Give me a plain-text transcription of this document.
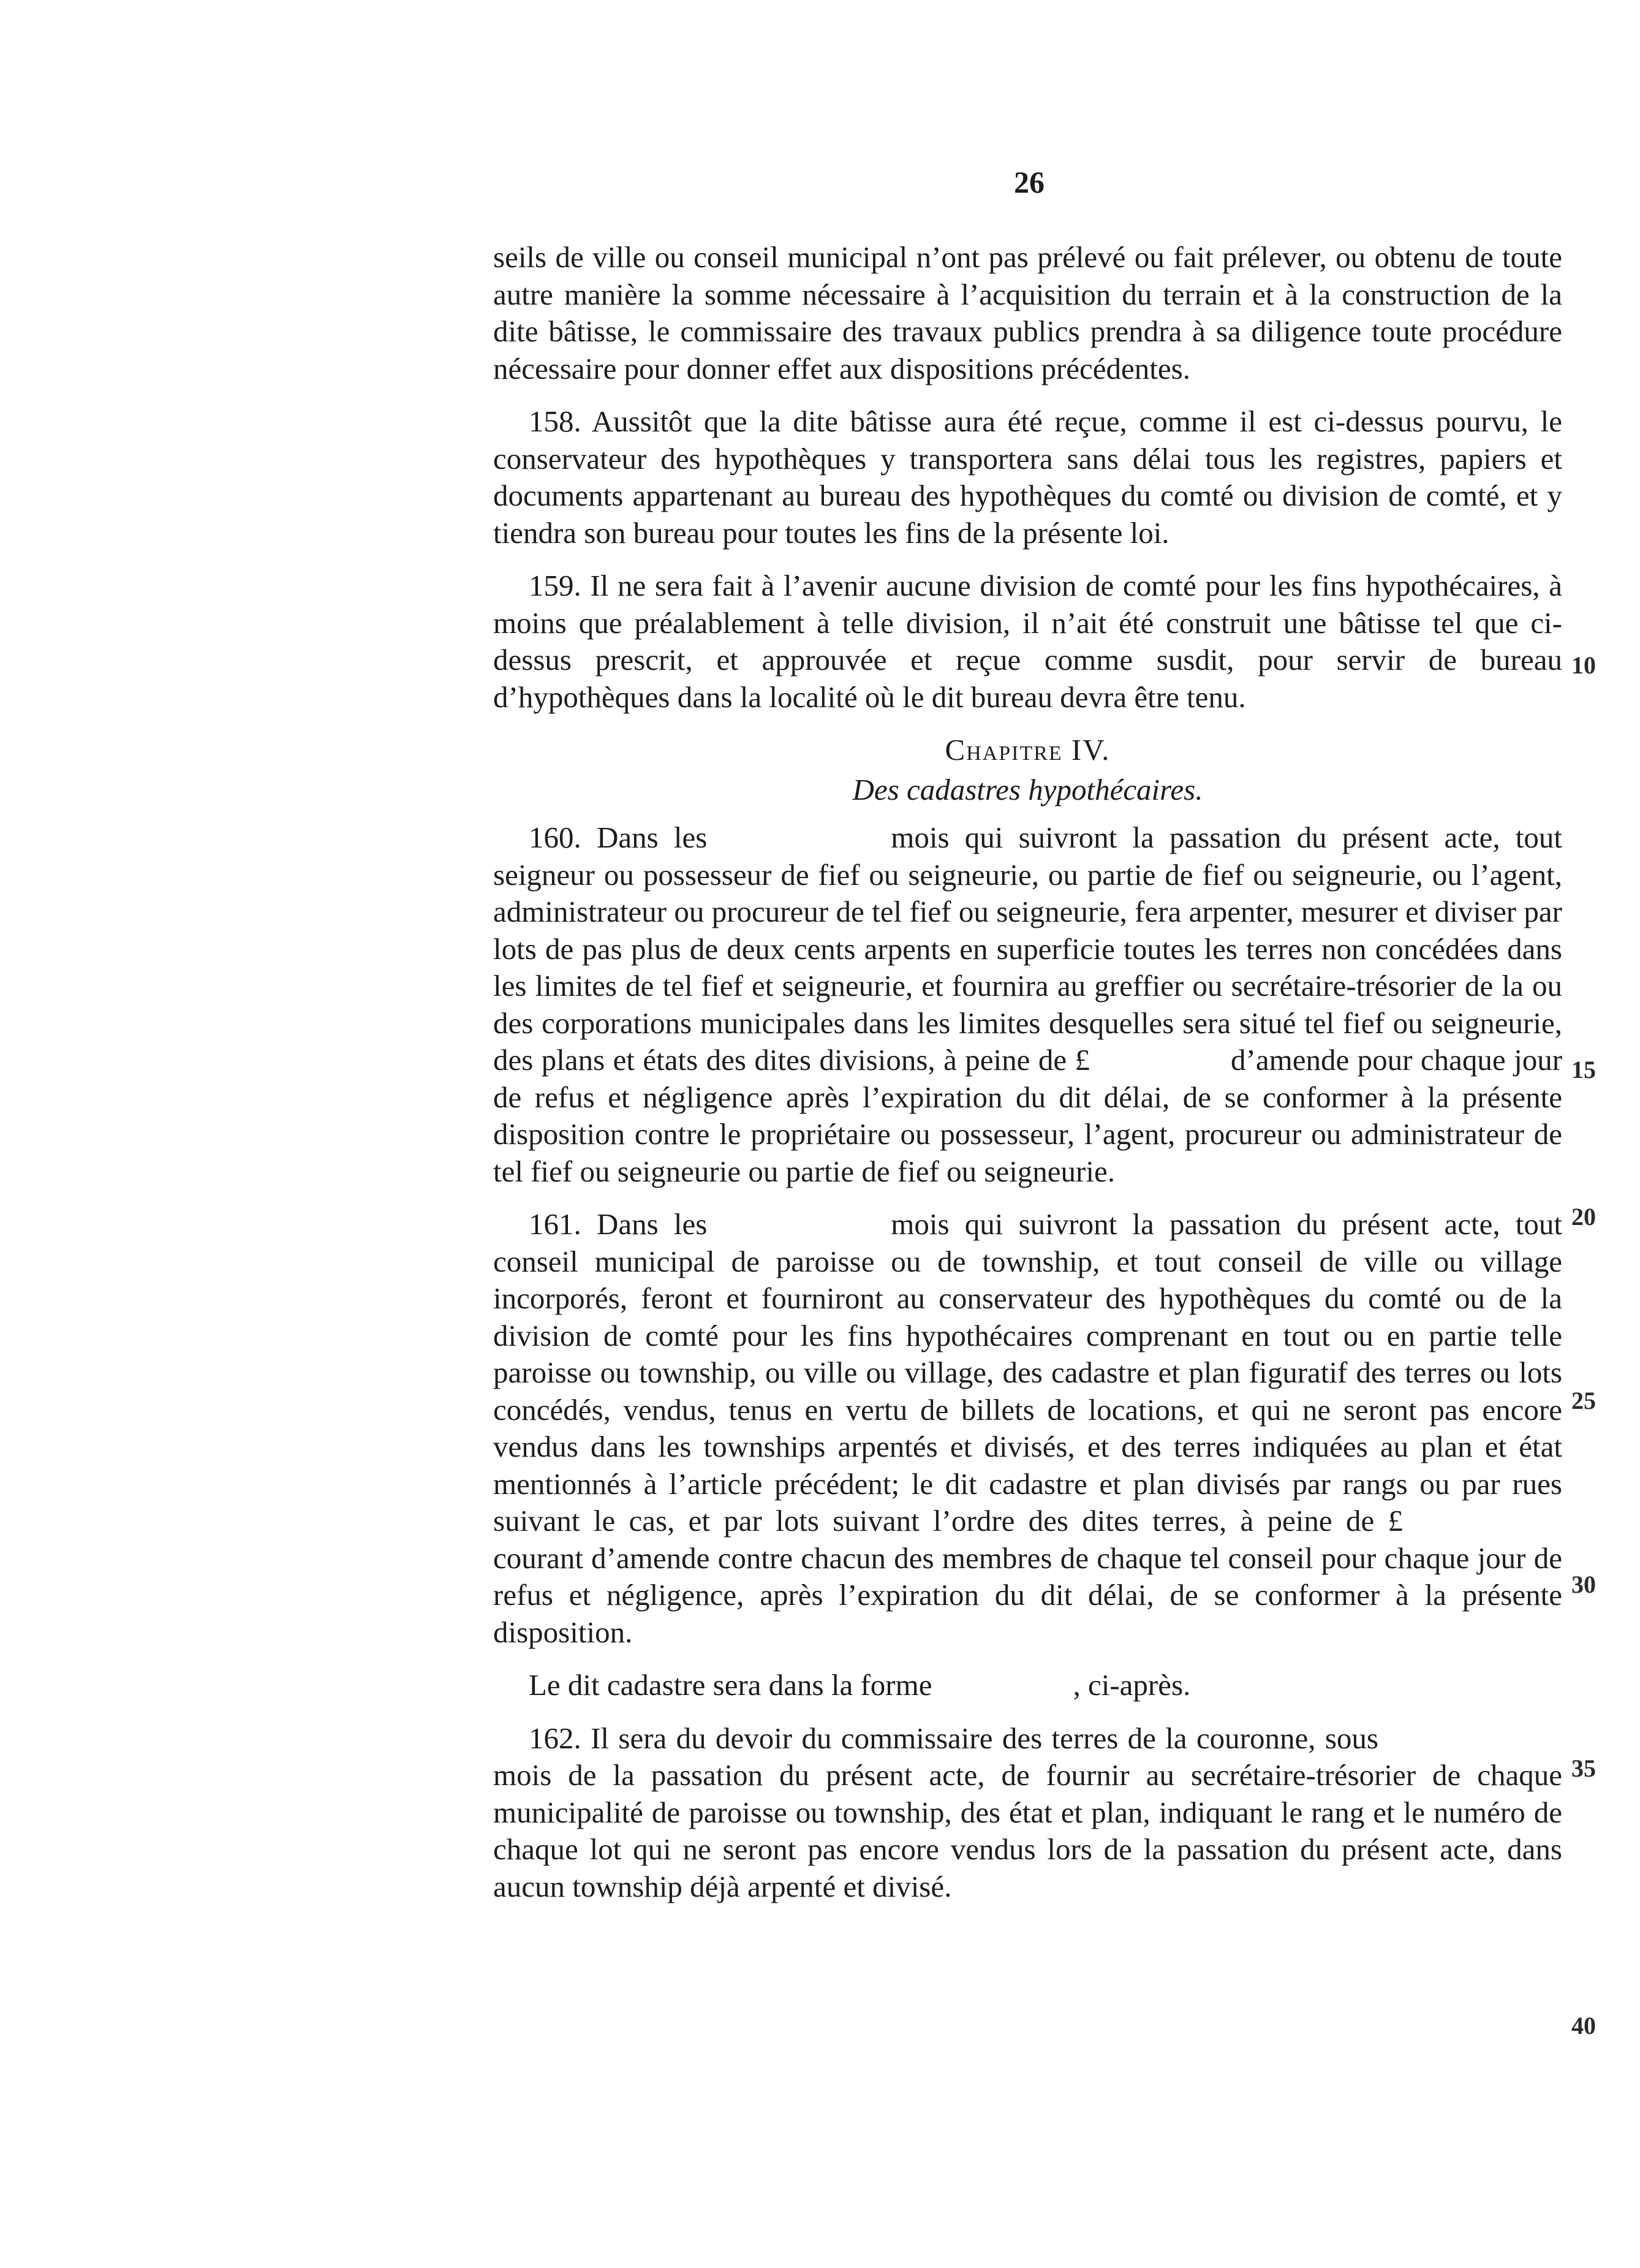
26

seils de ville ou conseil municipal n’ont pas prélevé ou fait prélever, ou obtenu de toute autre manière la somme nécessaire à l’acquisition du terrain et à la construction de la dite bâtisse, le commissaire des travaux publics prendra à sa diligence toute procédure nécessaire pour donner effet aux dispositions précédentes.

158. Aussitôt que la dite bâtisse aura été reçue, comme il est ci-dessus pourvu, le conservateur des hypothèques y transportera sans délai tous les registres, papiers et documents appartenant au bureau des hypothèques du comté ou division de comté, et y tiendra son bureau pour toutes les fins de la présente loi.

159. Il ne sera fait à l’avenir aucune division de comté pour les fins hypothécaires, à moins que préalablement à telle division, il n’ait été construit une bâtisse tel que ci-dessus prescrit, et approuvée et reçue comme susdit, pour servir de bureau d’hypothèques dans la localité où le dit bureau devra être tenu.

Chapitre IV.
Des cadastres hypothécaires.

160. Dans les	mois qui suivront la passation du présent acte, tout seigneur ou possesseur de fief ou seigneurie, ou partie de fief ou seigneurie, ou l’agent, administrateur ou procureur de tel fief ou seigneurie, fera arpenter, mesurer et diviser par lots de pas plus de deux cents arpents en superficie toutes les terres non concédées dans les limites de tel fief et seigneurie, et fournira au greffier ou secrétaire-trésorier de la ou des corporations municipales dans les limites desquelles sera situé tel fief ou seigneurie, des plans et états des dites divisions, à peine de £	d’amende pour chaque jour de refus et négligence après l’expiration du dit délai, de se conformer à la présente disposition contre le propriétaire ou possesseur, l’agent, procureur ou administrateur de tel fief ou seigneurie ou partie de fief ou seigneurie.

161. Dans les	mois qui suivront la passation du présent acte, tout conseil municipal de paroisse ou de township, et tout conseil de ville ou village incorporés, feront et fourniront au conservateur des hypothèques du comté ou de la division de comté pour les fins hypothécaires comprenant en tout ou en partie telle paroisse ou township, ou ville ou village, des cadastre et plan figuratif des terres ou lots concédés, vendus, tenus en vertu de billets de locations, et qui ne seront pas encore vendus dans les townships arpentés et divisés, et des terres indiquées au plan et état mentionnés à l’article précédent; le dit cadastre et plan divisés par rangs ou par rues suivant le cas, et par lots suivant l’ordre des dites terres, à peine de £courant d’amende contre chacun des membres de chaque tel conseil pour chaque jour de refus et négligence, après l’expiration du dit délai, de se conformer à la présente disposition.

Le dit cadastre sera dans la forme	, ci-après.

162. Il sera du devoir du commissaire des terres de la couronne, sousmois de la passation du présent acte, de fournir au secrétaire-trésorier de chaque municipalité de paroisse ou township, des état et plan, indiquant le rang et le numéro de chaque lot qui ne seront pas encore vendus lors de la passation du présent acte, dans aucun township déjà arpenté et divisé.

10
15
20
25
30
35
40
